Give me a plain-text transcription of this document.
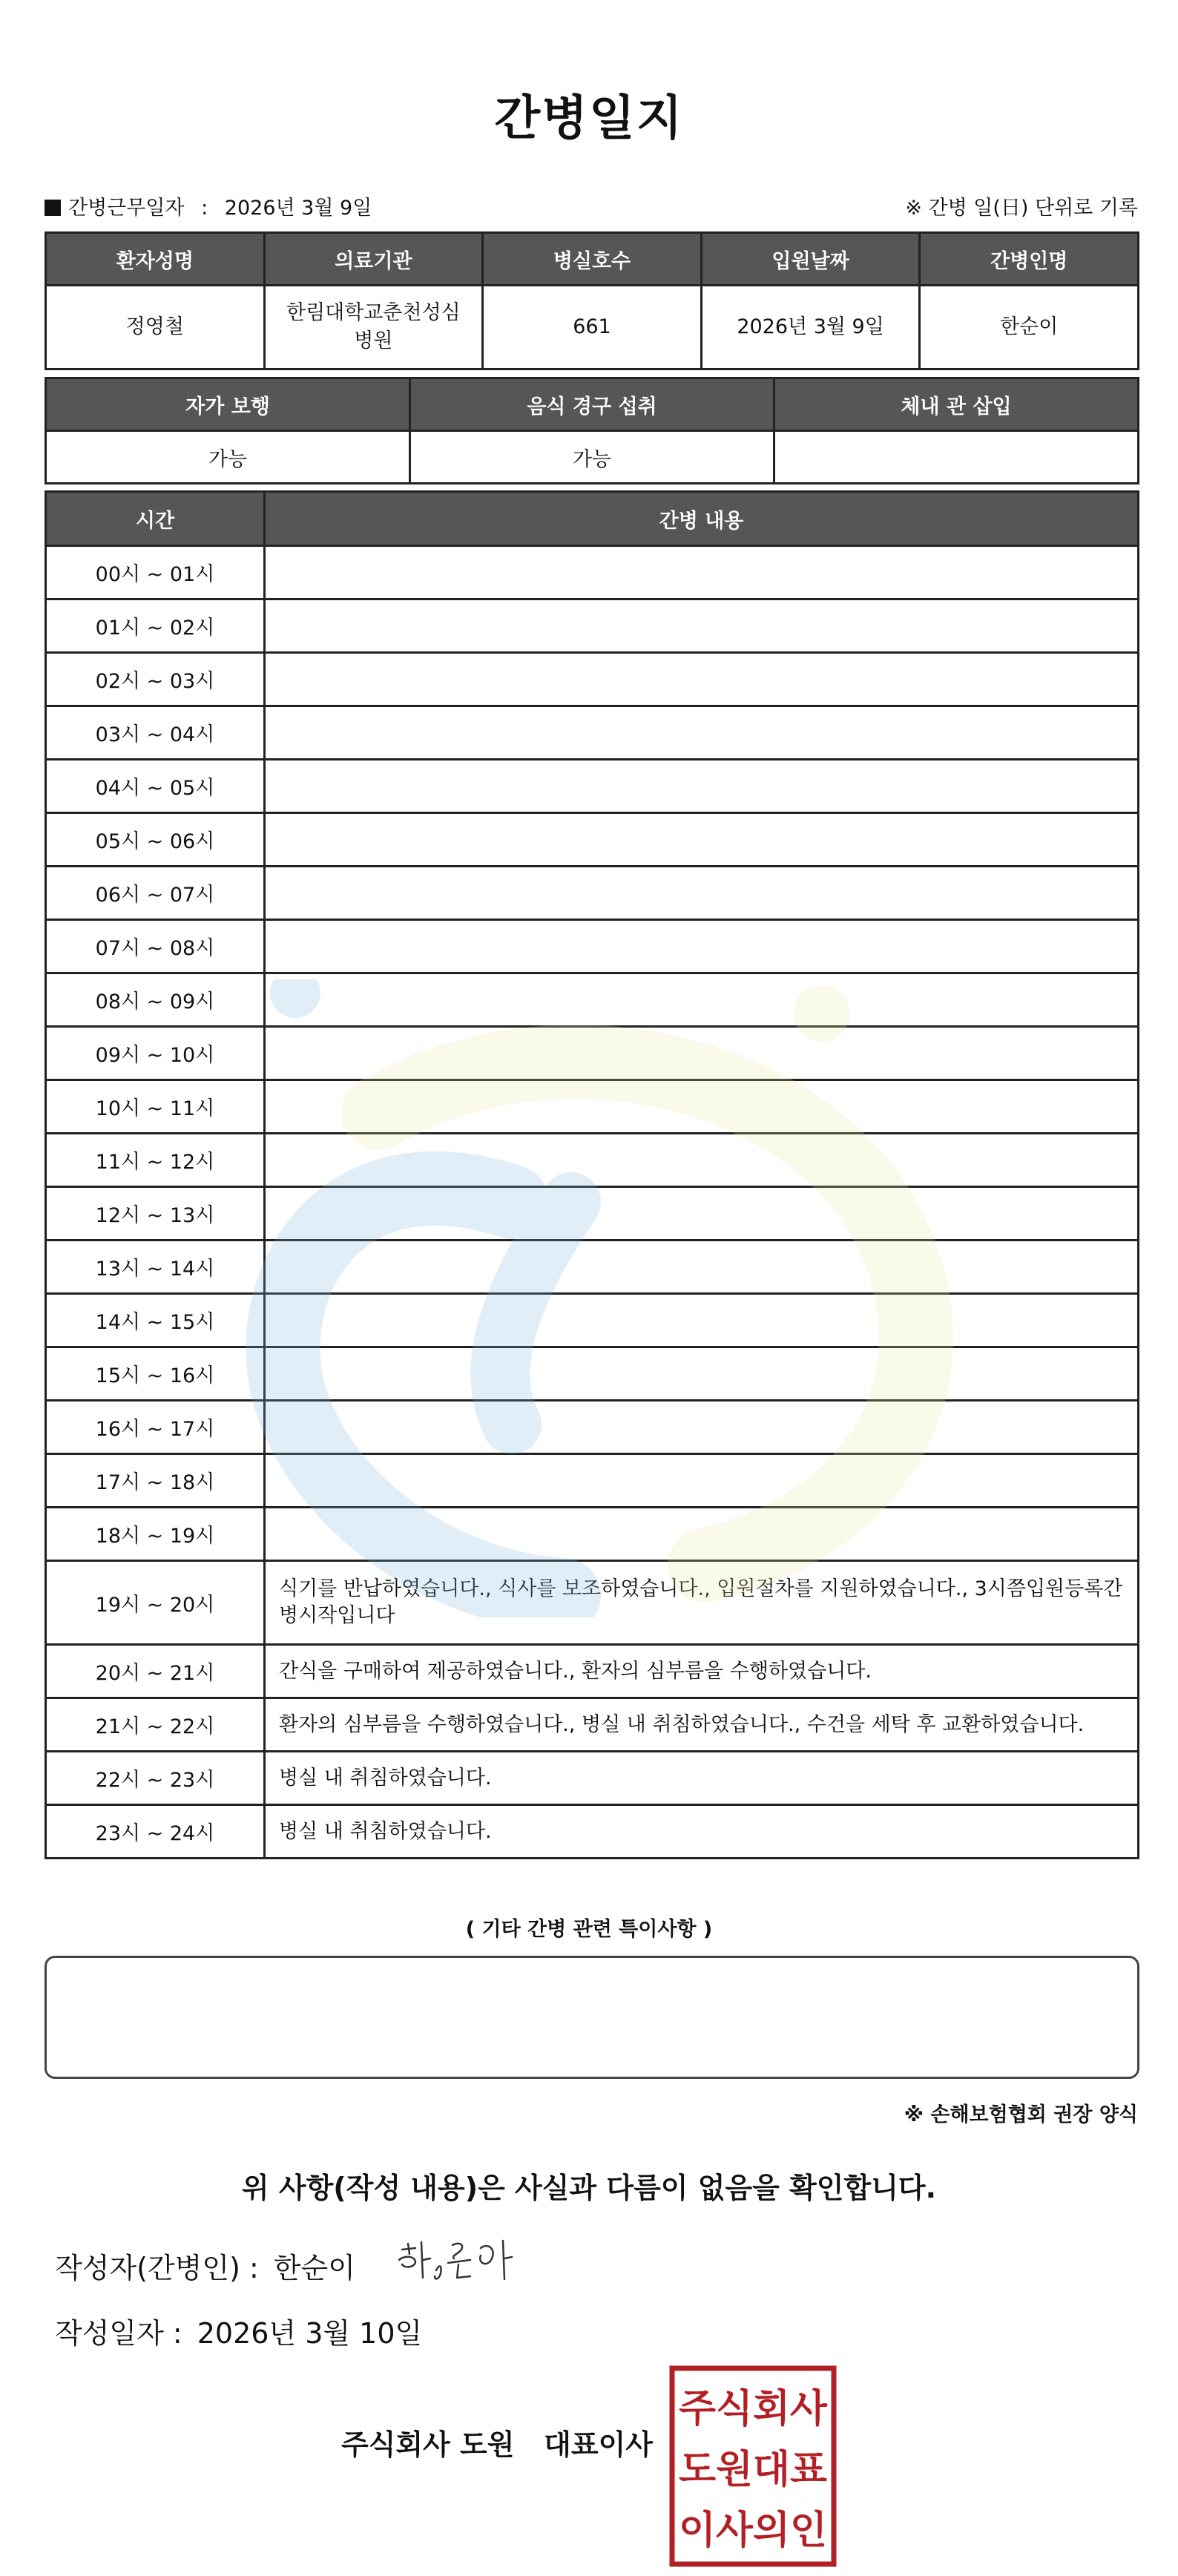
간병일지
간병근무일자 : 2026년 3월 9일	※ 간병 일(日) 단위로 기록
환자성명	의료기관	병실호수	입원날짜	간병인명
정영철	한림대학교춘천성심병원	661	2026년 3월 9일	한순이
자가 보행	음식 경구 섭취	체내 관 삽입
가능	가능	
시간	간병 내용
00시 ~ 01시	
01시 ~ 02시	
02시 ~ 03시	
03시 ~ 04시	
04시 ~ 05시	
05시 ~ 06시	
06시 ~ 07시	
07시 ~ 08시	
08시 ~ 09시	
09시 ~ 10시	
10시 ~ 11시	
11시 ~ 12시	
12시 ~ 13시	
13시 ~ 14시	
14시 ~ 15시	
15시 ~ 16시	
16시 ~ 17시	
17시 ~ 18시	
18시 ~ 19시	
19시 ~ 20시	식기를 반납하였습니다., 식사를 보조하였습니다., 입원절차를 지원하였습니다., 3시쯤입원등록간병시작입니다
20시 ~ 21시	간식을 구매하여 제공하였습니다., 환자의 심부름을 수행하였습니다.
21시 ~ 22시	환자의 심부름을 수행하였습니다., 병실 내 취침하였습니다., 수건을 세탁 후 교환하였습니다.
22시 ~ 23시	병실 내 취침하였습니다.
23시 ~ 24시	병실 내 취침하였습니다.
( 기타 간병 관련 특이사항 )
※ 손해보험협회 권장 양식
위 사항(작성 내용)은 사실과 다름이 없음을 확인합니다.
작성자(간병인) : 한순이
작성일자 : 2026년 3월 10일
주식회사 도원   대표이사
주식회사
도원대표
이사의인
